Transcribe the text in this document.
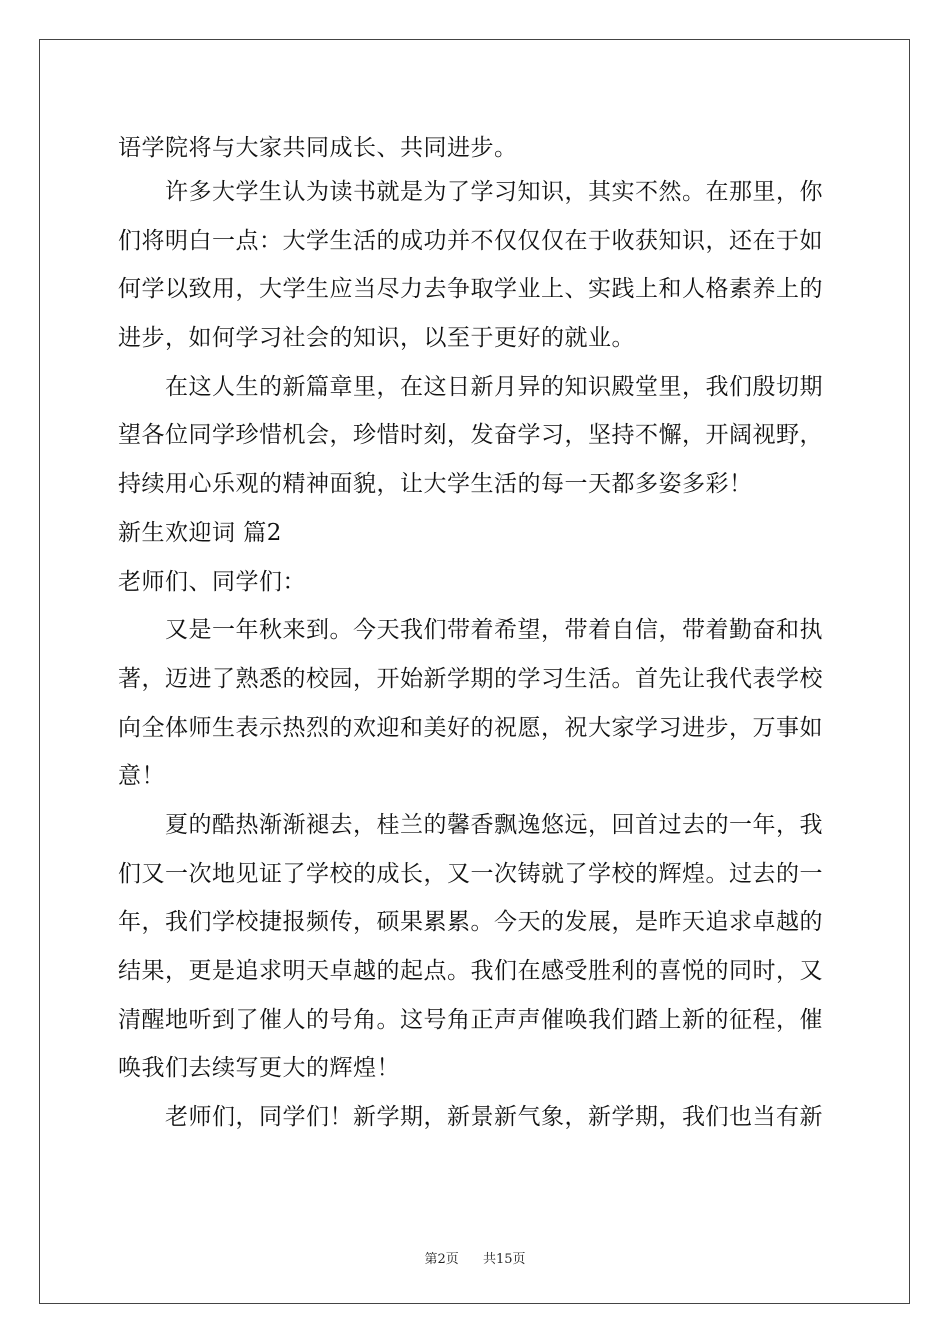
语学院将与大家共同成长、共同进步。
许多大学生认为读书就是为了学习知识，其实不然。在那里，你
们将明白一点：大学生活的成功并不仅仅仅在于收获知识，还在于如
何学以致用，大学生应当尽力去争取学业上、实践上和人格素养上的
进步，如何学习社会的知识，以至于更好的就业。
在这人生的新篇章里，在这日新月异的知识殿堂里，我们殷切期
望各位同学珍惜机会，珍惜时刻，发奋学习，坚持不懈，开阔视野，
持续用心乐观的精神面貌，让大学生活的每一天都多姿多彩！
新生欢迎词 篇2
老师们、同学们：
又是一年秋来到。今天我们带着希望，带着自信，带着勤奋和执
著，迈进了熟悉的校园，开始新学期的学习生活。首先让我代表学校
向全体师生表示热烈的欢迎和美好的祝愿，祝大家学习进步，万事如
意！
夏的酷热渐渐褪去，桂兰的馨香飘逸悠远，回首过去的一年，我
们又一次地见证了学校的成长，又一次铸就了学校的辉煌。过去的一
年，我们学校捷报频传，硕果累累。今天的发展，是昨天追求卓越的
结果，更是追求明天卓越的起点。我们在感受胜利的喜悦的同时，又
清醒地听到了催人的号角。这号角正声声催唤我们踏上新的征程，催
唤我们去续写更大的辉煌！
老师们，同学们！新学期，新景新气象，新学期，我们也当有新
第2页 共15页
